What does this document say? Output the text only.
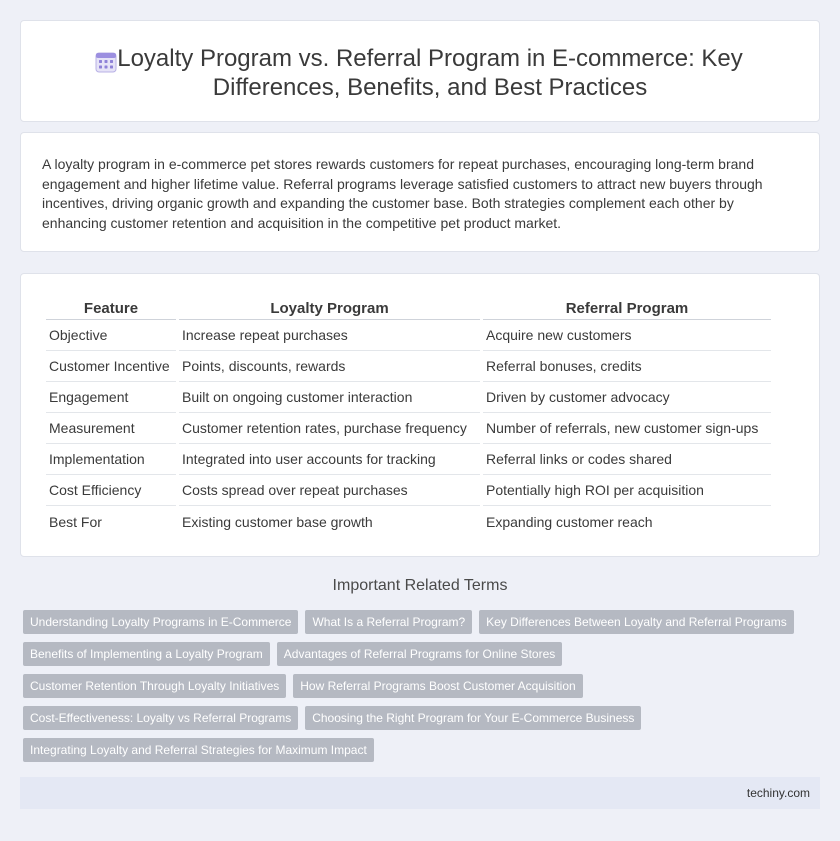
Loyalty Program vs. Referral Program in E-commerce: Key Differences, Benefits, and Best Practices

A loyalty program in e-commerce pet stores rewards customers for repeat purchases, encouraging long-term brand engagement and higher lifetime value. Referral programs leverage satisfied customers to attract new buyers through incentives, driving organic growth and expanding the customer base. Both strategies complement each other by enhancing customer retention and acquisition in the competitive pet product market.

Feature	Loyalty Program	Referral Program
Objective	Increase repeat purchases	Acquire new customers
Customer Incentive	Points, discounts, rewards	Referral bonuses, credits
Engagement	Built on ongoing customer interaction	Driven by customer advocacy
Measurement	Customer retention rates, purchase frequency	Number of referrals, new customer sign-ups
Implementation	Integrated into user accounts for tracking	Referral links or codes shared
Cost Efficiency	Costs spread over repeat purchases	Potentially high ROI per acquisition
Best For	Existing customer base growth	Expanding customer reach
Important Related Terms
Understanding Loyalty Programs in E-Commerce	What Is a Referral Program?	Key Differences Between Loyalty and Referral Programs
Benefits of Implementing a Loyalty Program	Advantages of Referral Programs for Online Stores
Customer Retention Through Loyalty Initiatives	How Referral Programs Boost Customer Acquisition
Cost-Effectiveness: Loyalty vs Referral Programs	Choosing the Right Program for Your E-Commerce Business
Integrating Loyalty and Referral Strategies for Maximum Impact
techiny.com
